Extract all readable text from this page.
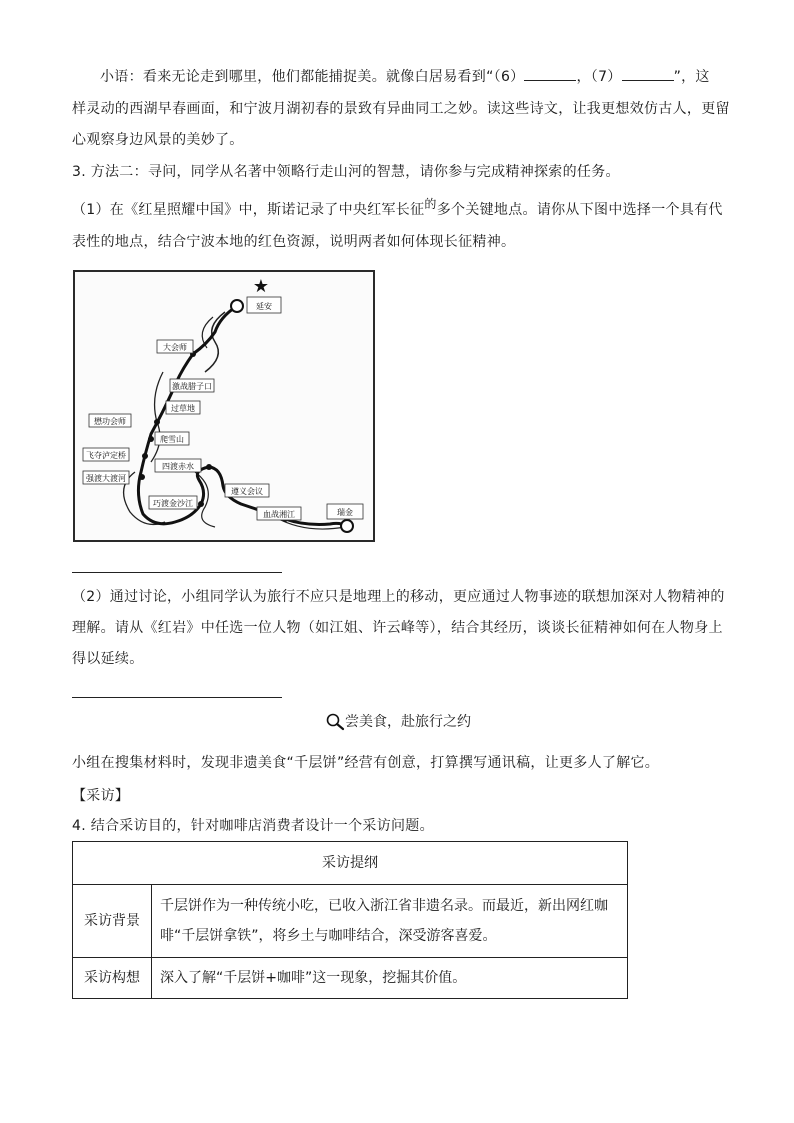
小语：看来无论走到哪里，他们都能捕捉美。就像白居易看到“（6）	，（7）	”，这
样灵动的西湖早春画面，和宁波月湖初春的景致有异曲同工之妙。读这些诗文，让我更想效仿古人，更留
心观察身边风景的美妙了。
3. 方法二：寻问，同学从名著中领略行走山河的智慧，请你参与完成精神探索的任务。
（1）在《红星照耀中国》中，斯诺记录了中央红军长征的多个关键地点。请你从下图中选择一个具有代
表性的地点，结合宁波本地的红色资源，说明两者如何体现长征精神。
★
延安
大会师
激战腊子口
过草地
懋功会师
爬雪山
飞夺泸定桥
强渡大渡河
四渡赤水
巧渡金沙江
遵义会议
血战湘江	瑞金
（2）通过讨论，小组同学认为旅行不应只是地理上的移动，更应通过人物事迹的联想加深对人物精神的
理解。请从《红岩》中任选一位人物（如江姐、许云峰等），结合其经历，谈谈长征精神如何在人物身上
得以延续。
尝美食，赴旅行之约
小组在搜集材料时，发现非遗美食“千层饼”经营有创意，打算撰写通讯稿，让更多人了解它。
【采访】
4. 结合采访目的，针对咖啡店消费者设计一个采访问题。
采访提纲	
采访背景	千层饼作为一种传统小吃，已收入浙江省非遗名录。而最近，新出网红咖
啡“千层饼拿铁”，将乡土与咖啡结合，深受游客喜爱。

采访构想	深入了解“千层饼+咖啡”这一现象，挖掘其价值。
